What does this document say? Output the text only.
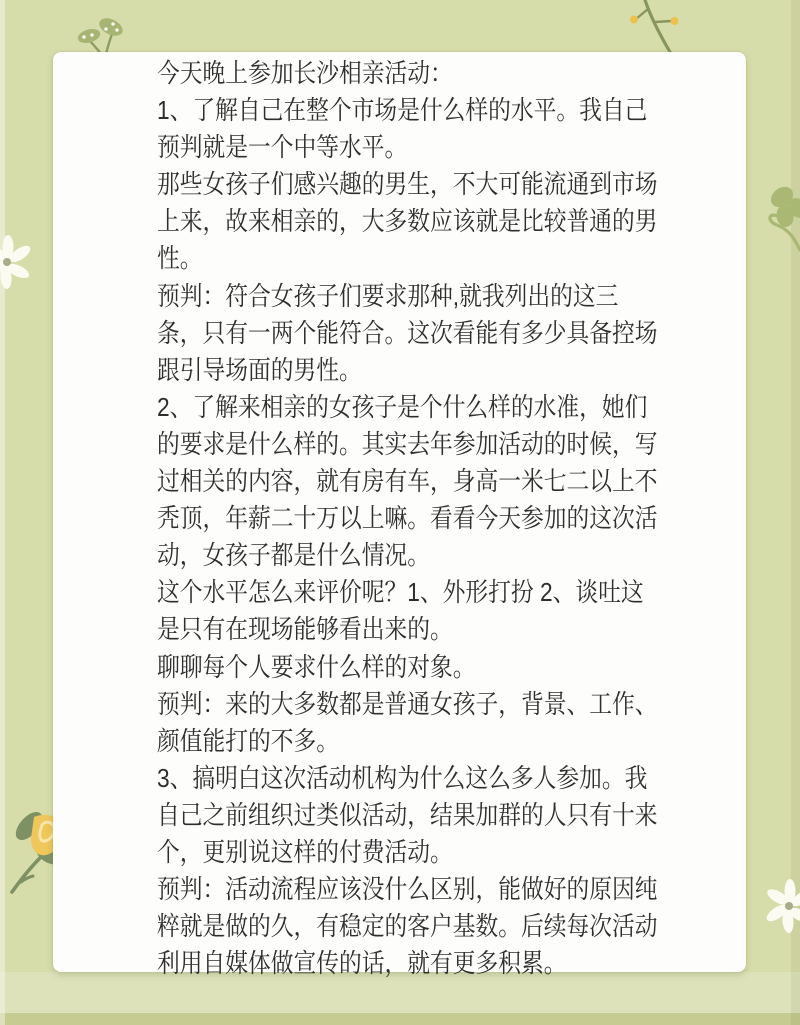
今天晚上参加长沙相亲活动：

1、了解自己在整个市场是什么样的水平。我自己预判就是一个中等水平。

那些女孩子们感兴趣的男生，不大可能流通到市场上来，故来相亲的，大多数应该就是比较普通的男性。

预判：符合女孩子们要求那种,就我列出的这三条，只有一两个能符合。这次看能有多少具备控场跟引导场面的男性。

2、了解来相亲的女孩子是个什么样的水准，她们的要求是什么样的。其实去年参加活动的时候，写过相关的内容，就有房有车，身高一米七二以上不秃顶，年薪二十万以上嘛。看看今天参加的这次活动，女孩子都是什么情况。

这个水平怎么来评价呢？1、外形打扮 2、谈吐这是只有在现场能够看出来的。

聊聊每个人要求什么样的对象。

预判：来的大多数都是普通女孩子，背景、工作、颜值能打的不多。

3、搞明白这次活动机构为什么这么多人参加。我自己之前组织过类似活动，结果加群的人只有十来个，更别说这样的付费活动。

预判：活动流程应该没什么区别，能做好的原因纯粹就是做的久，有稳定的客户基数。后续每次活动利用自媒体做宣传的话，就有更多积累。
